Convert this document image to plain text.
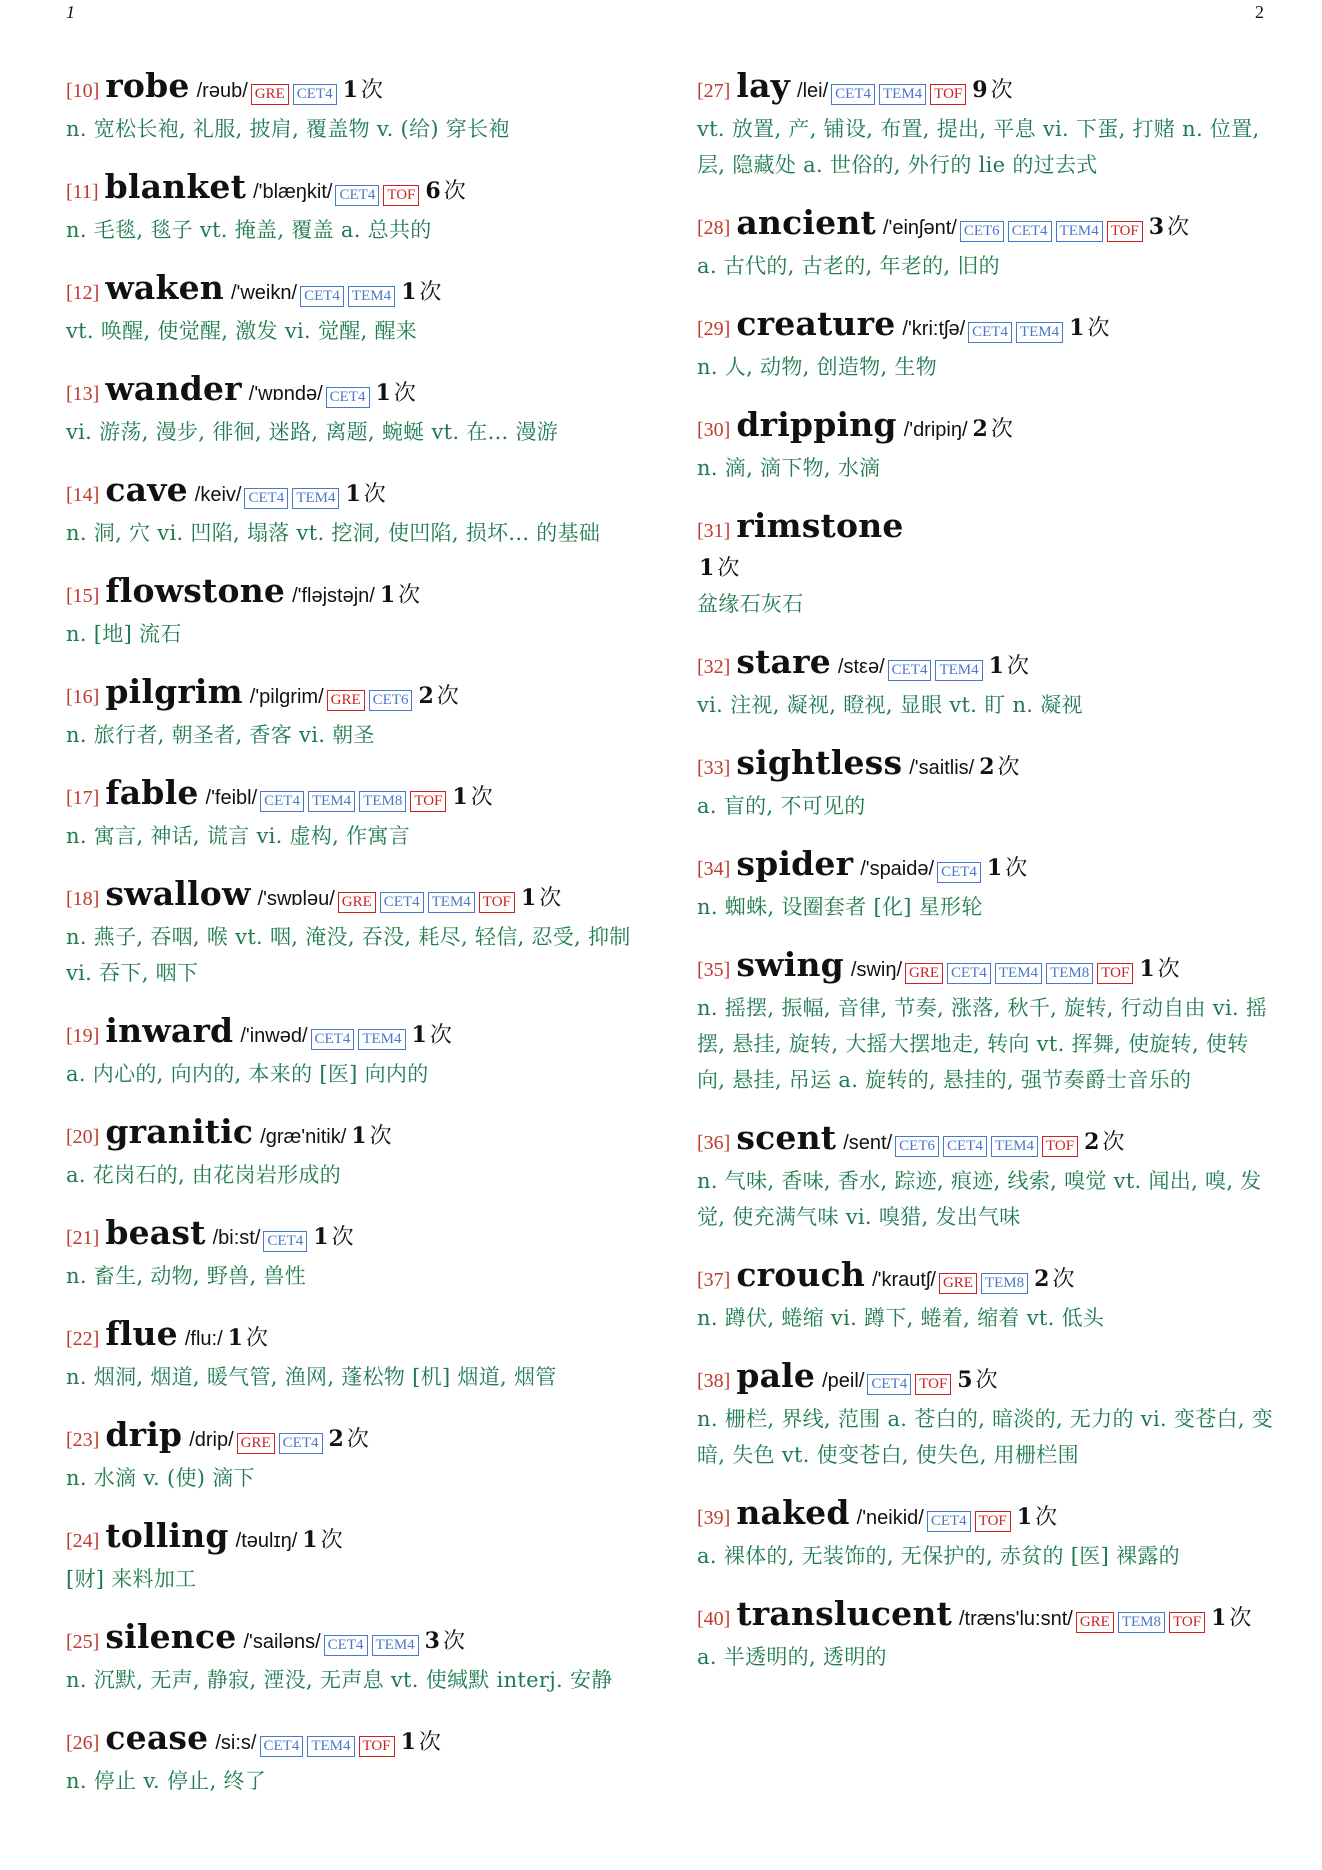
1	2
[10] robe /rəub/ GRE CET4 1 次
n. 宽松长袍, 礼服, 披肩, 覆盖物 v. (给) 穿长袍
[11] blanket /'blæŋkit/ CET4 TOF 6 次
n. 毛毯, 毯子 vt. 掩盖, 覆盖 a. 总共的
[12] waken /'weikn/ CET4 TEM4 1 次
vt. 唤醒, 使觉醒, 激发 vi. 觉醒, 醒来
[13] wander /'wɒndə/ CET4 1 次
vi. 游荡, 漫步, 徘徊, 迷路, 离题, 蜿蜒 vt. 在... 漫游
[14] cave /keiv/ CET4 TEM4 1 次
n. 洞, 穴 vi. 凹陷, 塌落 vt. 挖洞, 使凹陷, 损坏... 的基础
[15] flowstone /'fləjstəjn/ 1 次
n. [地] 流石
[16] pilgrim /'pilgrim/ GRE CET6 2 次
n. 旅行者, 朝圣者, 香客 vi. 朝圣
[17] fable /'feibl/ CET4 TEM4 TEM8 TOF 1 次
n. 寓言, 神话, 谎言 vi. 虚构, 作寓言
[18] swallow /'swɒləu/ GRE CET4 TEM4 TOF 1 次
n. 燕子, 吞咽, 喉 vt. 咽, 淹没, 吞没, 耗尽, 轻信, 忍受, 抑制 vi. 吞下, 咽下
[19] inward /'inwəd/ CET4 TEM4 1 次
a. 内心的, 向内的, 本来的 [医] 向内的
[20] granitic /græ'nitik/ 1 次
a. 花岗石的, 由花岗岩形成的
[21] beast /bi:st/ CET4 1 次
n. 畜生, 动物, 野兽, 兽性
[22] flue /flu:/ 1 次
n. 烟洞, 烟道, 暖气管, 渔网, 蓬松物 [机] 烟道, 烟管
[23] drip /drip/ GRE CET4 2 次
n. 水滴 v. (使) 滴下
[24] tolling /təulɪŋ/ 1 次
[财] 来料加工
[25] silence /'sailəns/ CET4 TEM4 3 次
n. 沉默, 无声, 静寂, 湮没, 无声息 vt. 使缄默 interj. 安静
[26] cease /si:s/ CET4 TEM4 TOF 1 次
n. 停止 v. 停止, 终了
[27] lay /lei/ CET4 TEM4 TOF 9 次
vt. 放置, 产, 铺设, 布置, 提出, 平息 vi. 下蛋, 打赌 n. 位置, 层, 隐藏处 a. 世俗的, 外行的 lie 的过去式
[28] ancient /'einʃənt/ CET6 CET4 TEM4 TOF 3 次
a. 古代的, 古老的, 年老的, 旧的
[29] creature /'kri:tʃə/ CET4 TEM4 1 次
n. 人, 动物, 创造物, 生物
[30] dripping /'dripiŋ/ 2 次
n. 滴, 滴下物, 水滴
[31] rimstone
1 次
盆缘石灰石
[32] stare /stεə/ CET4 TEM4 1 次
vi. 注视, 凝视, 瞪视, 显眼 vt. 盯 n. 凝视
[33] sightless /'saitlis/ 2 次
a. 盲的, 不可见的
[34] spider /'spaidə/ CET4 1 次
n. 蜘蛛, 设圈套者 [化] 星形轮
[35] swing /swiŋ/ GRE CET4 TEM4 TEM8 TOF 1 次
n. 摇摆, 振幅, 音律, 节奏, 涨落, 秋千, 旋转, 行动自由 vi. 摇摆, 悬挂, 旋转, 大摇大摆地走, 转向 vt. 挥舞, 使旋转, 使转向, 悬挂, 吊运 a. 旋转的, 悬挂的, 强节奏爵士音乐的
[36] scent /sent/ CET6 CET4 TEM4 TOF 2 次
n. 气味, 香味, 香水, 踪迹, 痕迹, 线索, 嗅觉 vt. 闻出, 嗅, 发觉, 使充满气味 vi. 嗅猎, 发出气味
[37] crouch /'krautʃ/ GRE TEM8 2 次
n. 蹲伏, 蜷缩 vi. 蹲下, 蜷着, 缩着 vt. 低头
[38] pale /peil/ CET4 TOF 5 次
n. 栅栏, 界线, 范围 a. 苍白的, 暗淡的, 无力的 vi. 变苍白, 变暗, 失色 vt. 使变苍白, 使失色, 用栅栏围
[39] naked /'neikid/ CET4 TOF 1 次
a. 裸体的, 无装饰的, 无保护的, 赤贫的 [医] 裸露的
[40] translucent /træns'lu:snt/ GRE TEM8 TOF 1 次
a. 半透明的, 透明的
